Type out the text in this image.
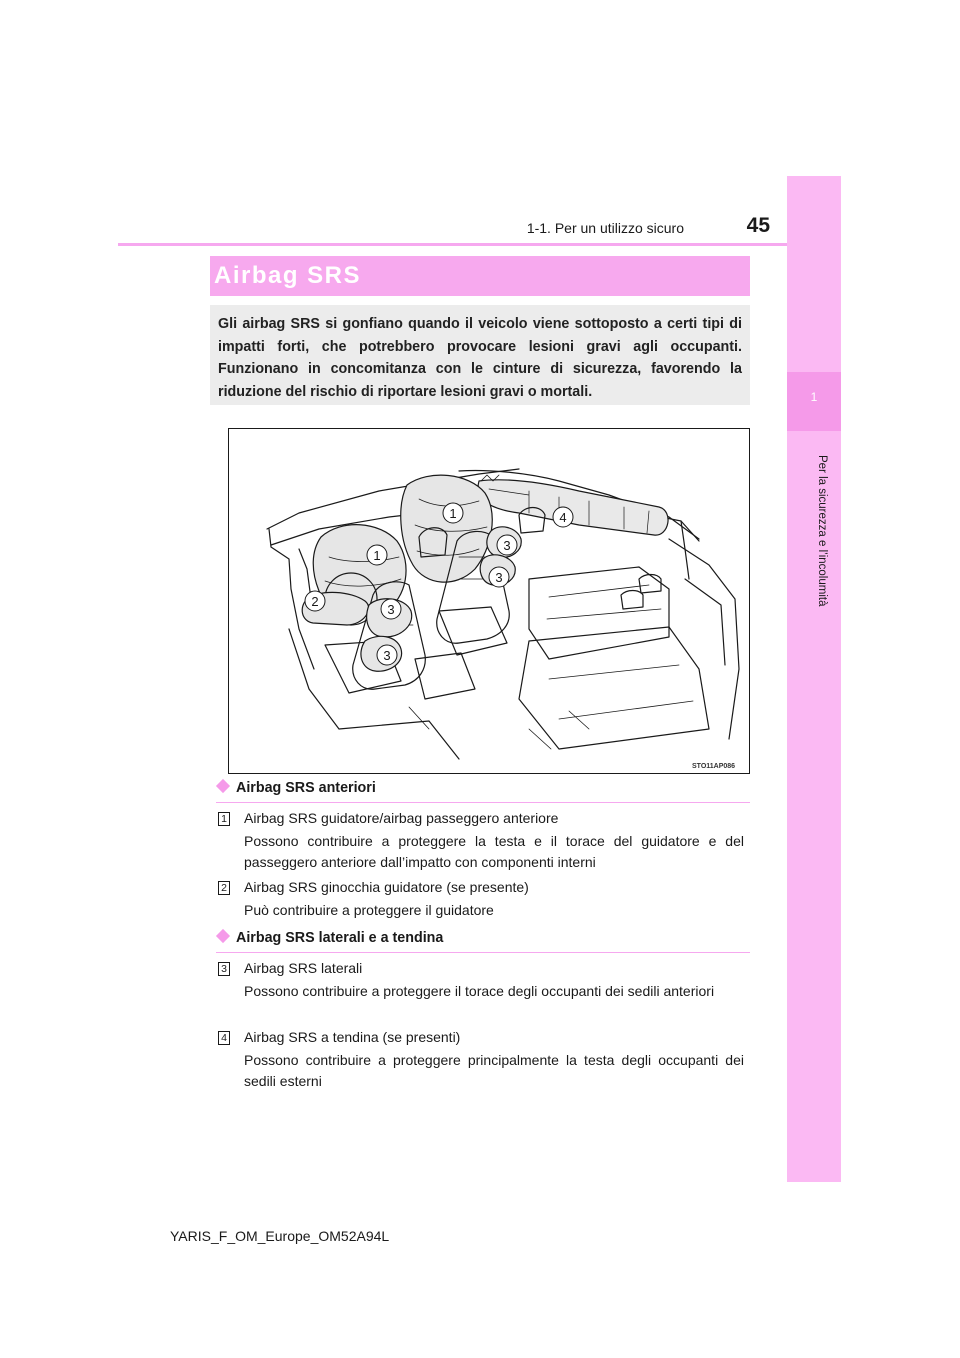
1-1. Per un utilizzo sicuro	45
1
Per la sicurezza e l’incolumità
Airbag SRS
Gli airbag SRS si gonfiano quando il veicolo viene sottoposto a certi tipi di impatti forti, che potrebbero provocare lesioni gravi agli occupanti. Funzionano in concomitanza con le cinture di sicurezza, favorendo la riduzione del rischio di riportare lesioni gravi o mortali.
1
1
2
3
3
3
3
4
STO11AP086
Airbag SRS anteriori
1 Airbag SRS guidatore/airbag passeggero anteriore
Possono contribuire a proteggere la testa e il torace del guidatore e del passeggero anteriore dall’impatto con componenti interni
2 Airbag SRS ginocchia guidatore (se presente)
Può contribuire a proteggere il guidatore
Airbag SRS laterali e a tendina
3 Airbag SRS laterali
Possono contribuire a proteggere il torace degli occupanti dei sedili anteriori
4 Airbag SRS a tendina (se presenti)
Possono contribuire a proteggere principalmente la testa degli occupanti dei sedili esterni
YARIS_F_OM_Europe_OM52A94L
